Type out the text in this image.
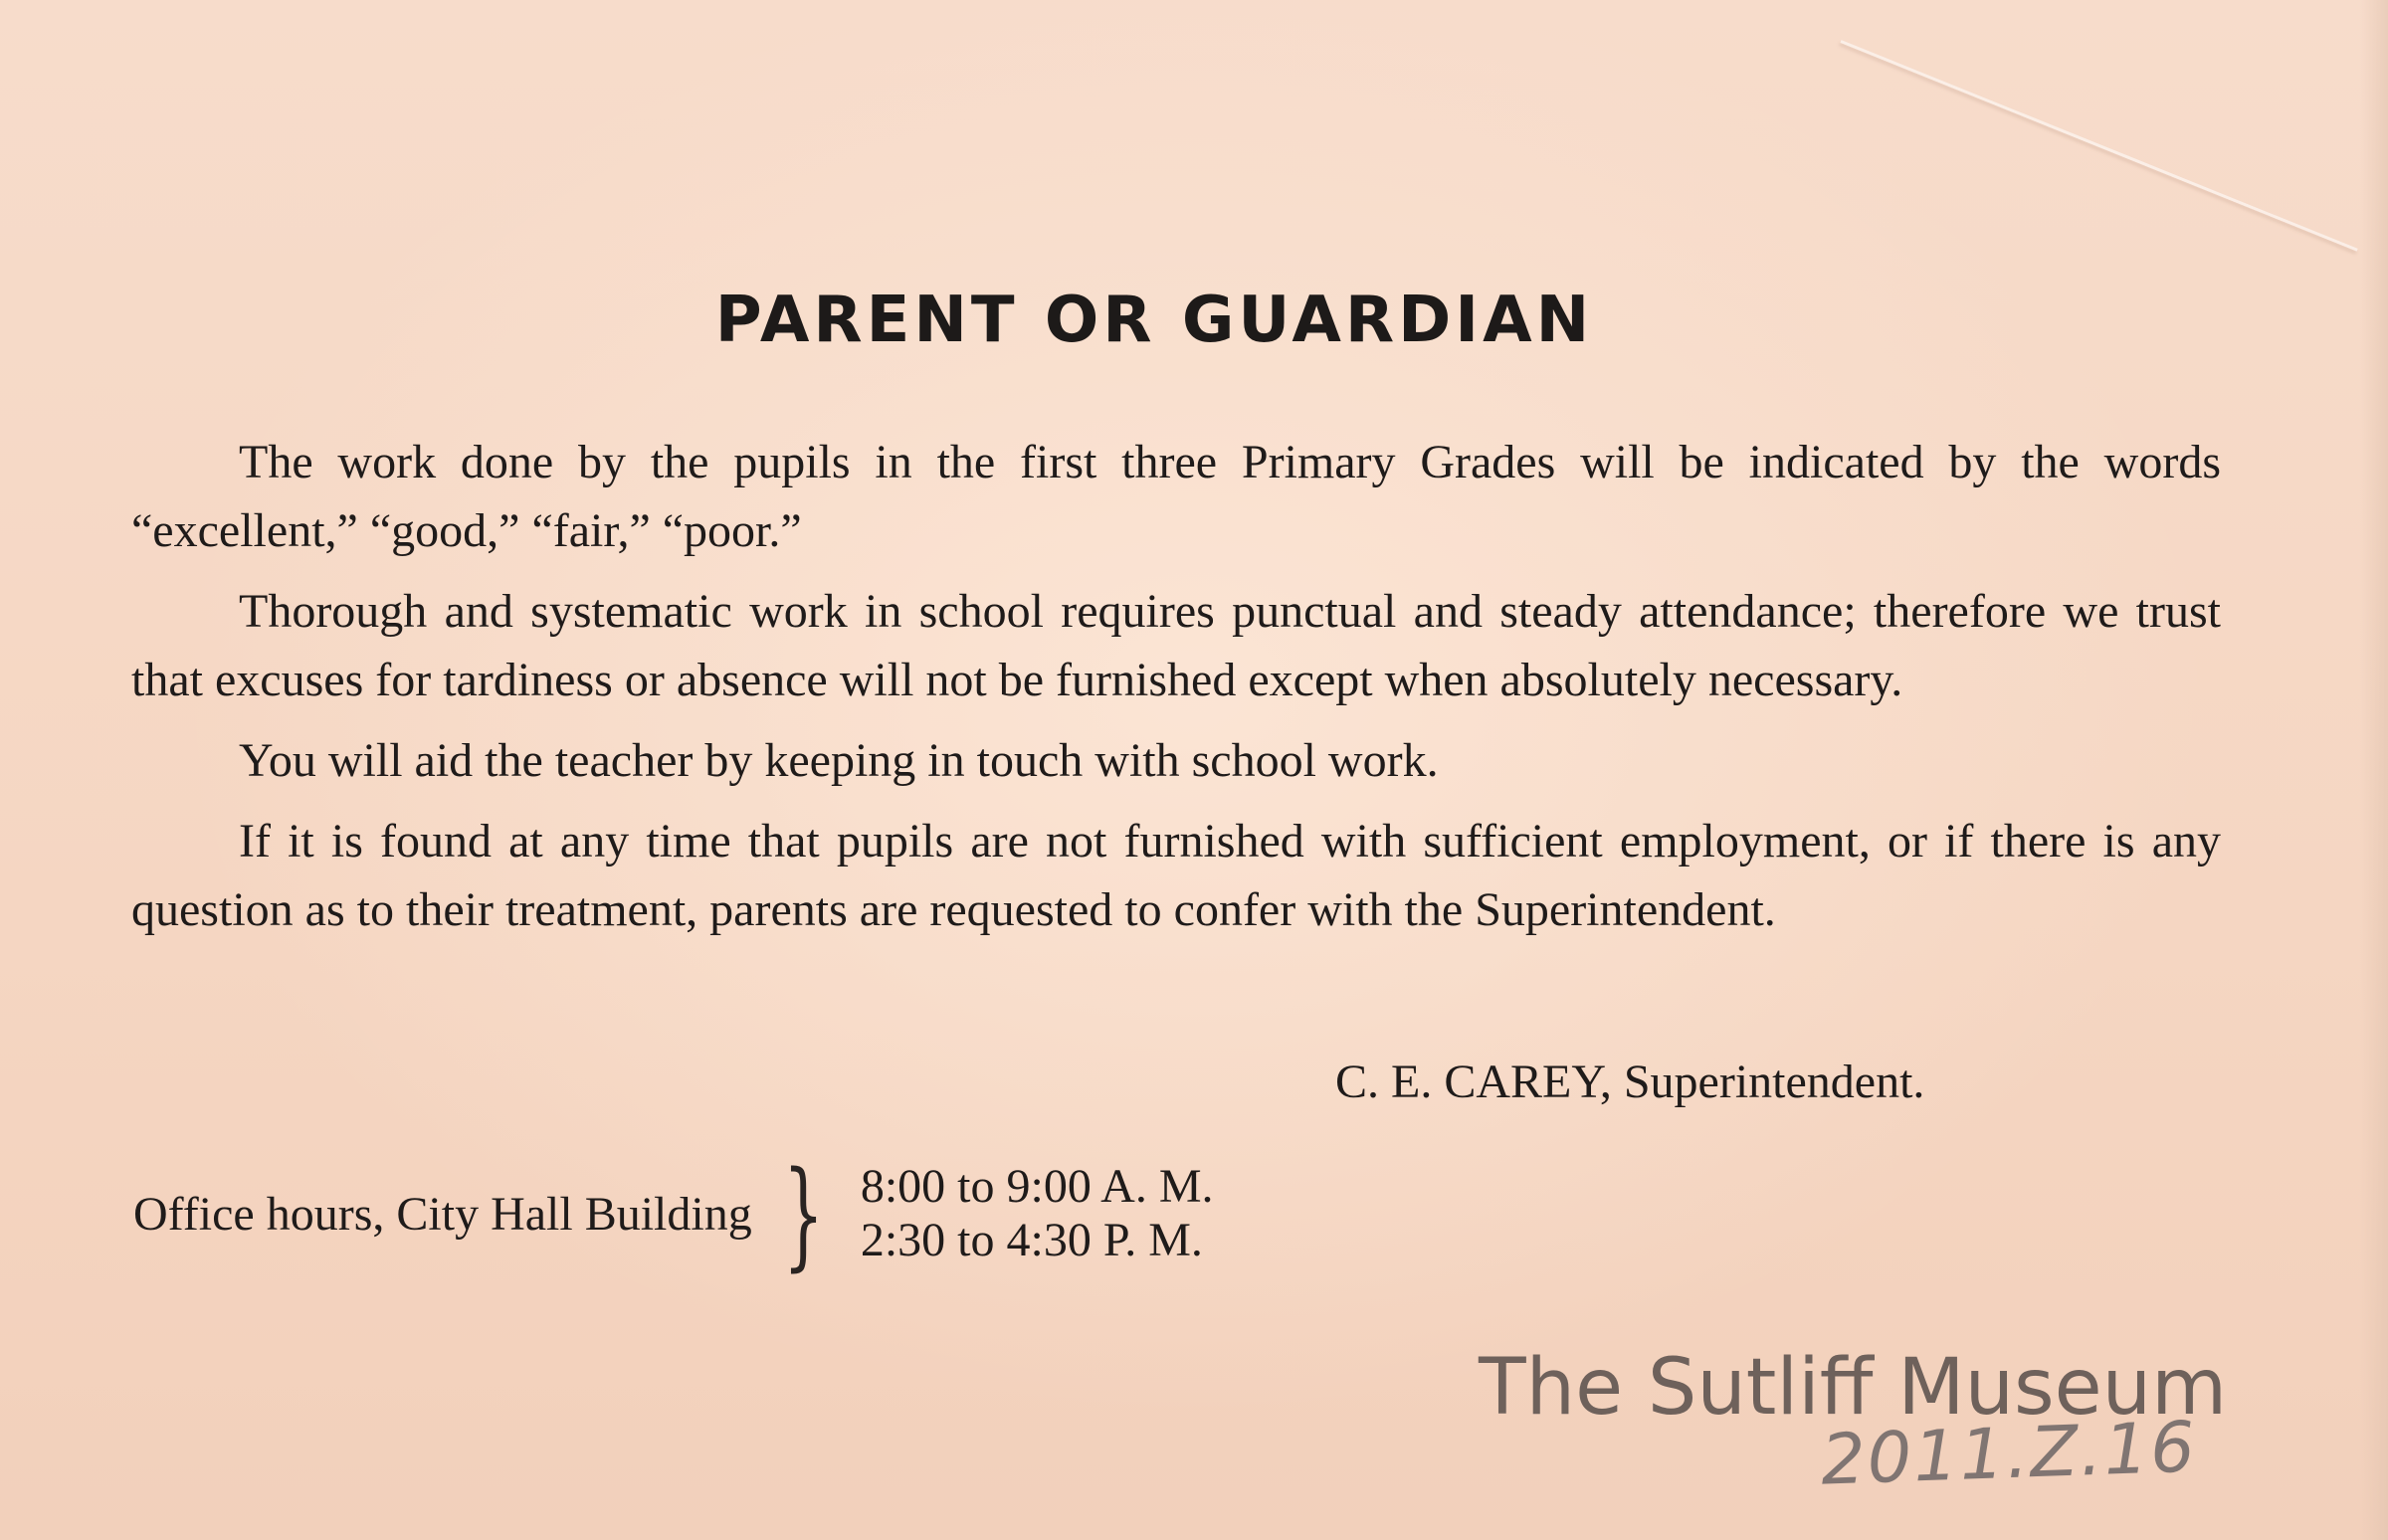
PARENT OR GUARDIAN

The work done by the pupils in the first three Primary Grades will be indicated by the words “excellent,” “good,” “fair,” “poor.”

Thorough and systematic work in school requires punctual and steady attendance; therefore we trust that excuses for tardiness or absence will not be furnished except when absolutely necessary.

You will aid the teacher by keeping in touch with school work.

If it is found at any time that pupils are not furnished with sufficient employment, or if there is any question as to their treatment, parents are requested to confer with the Superintendent.

C. E. CAREY, Superintendent.
Office hours, City Hall Building } 8:00 to 9:00 A. M.
2:30 to 4:30 P. M.
The Sutliff Museum
2011.Z.16
